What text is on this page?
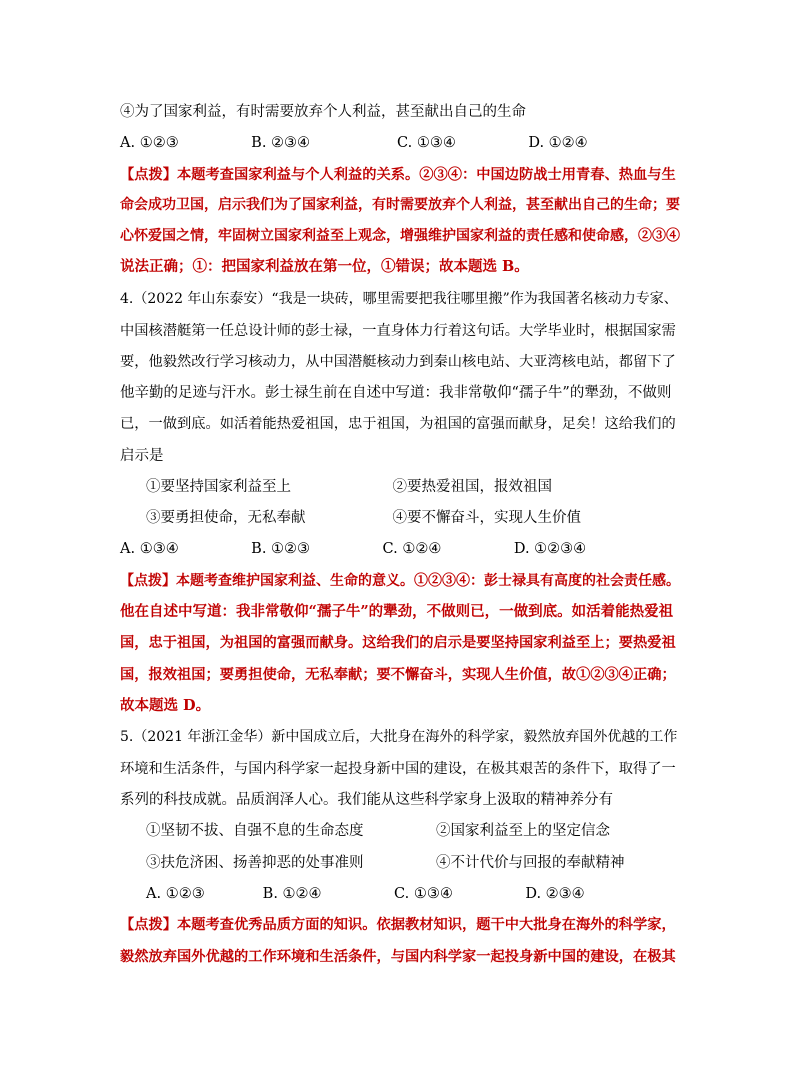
④为了国家利益，有时需要放弃个人利益，甚至献出自己的生命
A. ①②③　　　　　B. ②③④　　　　　　C. ①③④　　　　　D. ①②④
【点拨】本题考查国家利益与个人利益的关系。②③④：中国边防战士用青春、热血与生
命会成功卫国，启示我们为了国家利益，有时需要放弃个人利益，甚至献出自己的生命；要
心怀爱国之情，牢固树立国家利益至上观念，增强维护国家利益的责任感和使命感，②③④
说法正确；①：把国家利益放在第一位，①错误；故本题选 B。
4.（2022 年山东泰安）“我是一块砖，哪里需要把我往哪里搬”作为我国著名核动力专家、
中国核潜艇第一任总设计师的彭士禄，一直身体力行着这句话。大学毕业时，根据国家需
要，他毅然改行学习核动力，从中国潜艇核动力到秦山核电站、大亚湾核电站，都留下了
他辛勤的足迹与汗水。彭士禄生前在自述中写道：我非常敬仰“孺子牛”的犟劲，不做则
已，一做到底。如活着能热爱祖国，忠于祖国，为祖国的富强而献身，足矣！这给我们的
启示是
①要坚持国家利益至上　　　　　　　②要热爱祖国，报效祖国
③要勇担使命，无私奉献　　　　　　④要不懈奋斗，实现人生价值
A. ①③④　　　　　B. ①②③　　　　　C. ①②④　　　　　D. ①②③④
【点拨】本题考查维护国家利益、生命的意义。①②③④：彭士禄具有高度的社会责任感。
他在自述中写道：我非常敬仰“孺子牛”的犟劲，不做则已，一做到底。如活着能热爱祖
国，忠于祖国，为祖国的富强而献身。这给我们的启示是要坚持国家利益至上；要热爱祖
国，报效祖国；要勇担使命，无私奉献；要不懈奋斗，实现人生价值，故①②③④正确；
故本题选 D。
5.（2021 年浙江金华）新中国成立后，大批身在海外的科学家，毅然放弃国外优越的工作
环境和生活条件，与国内科学家一起投身新中国的建设，在极其艰苦的条件下，取得了一
系列的科技成就。品质润泽人心。我们能从这些科学家身上汲取的精神养分有
①坚韧不拔、自强不息的生命态度　　　　　②国家利益至上的坚定信念
③扶危济困、扬善抑恶的处事准则　　　　　④不计代价与回报的奉献精神
A. ①②③　　　　B. ①②④　　　　　C. ①③④　　　　　D. ②③④
【点拨】本题考查优秀品质方面的知识。依据教材知识，题干中大批身在海外的科学家，
毅然放弃国外优越的工作环境和生活条件，与国内科学家一起投身新中国的建设，在极其
